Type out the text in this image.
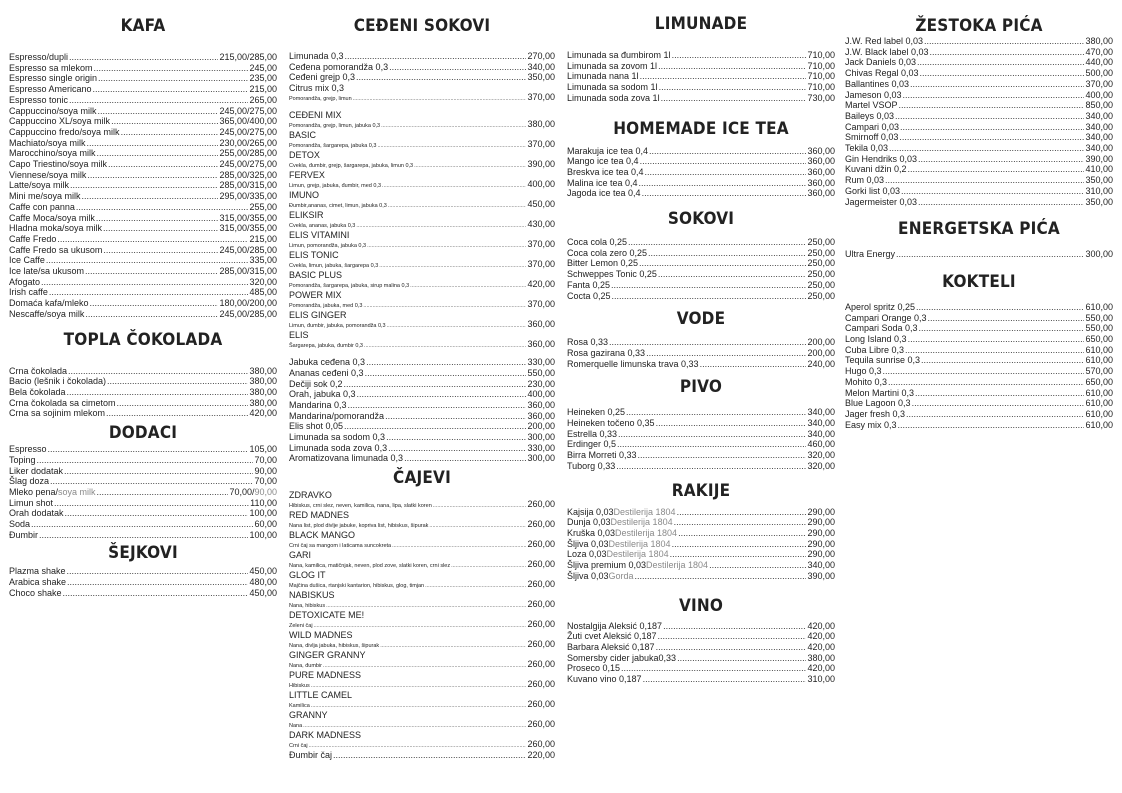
KAFA
Espresso/dupli .....	215,00/285,00
Espresso sa mlekom .....	245,00
Espresso single origin .....	235,00
Espresso Americano .....	215,00
Espresso tonic .....	265,00
Cappuccino/soya milk .....	245,00/275,00
Cappuccino XL/soya milk .....	365,00/400,00
Cappuccino fredo/soya milk .....	245,00/275,00
Machiato/soya milk .....	230,00/265,00
Marocchino/soya milk .....	255,00/285,00
Capo Triestino/soya milk .....	245,00/275,00
Viennese/soya milk .....	285,00/325,00
Latte/soya milk .....	285,00/315,00
Mini me/soya milk .....	295,00/335,00
Caffe con panna .....	255,00
Caffe Moca/soya milk .....	315,00/355,00
Hladna moka/soya milk .....	315,00/355,00
Caffe Fredo .....	215,00
Caffe Fredo sa ukusom .....	245,00/285,00
Ice Caffe .....	335,00
Ice late/sa ukusom .....	285,00/315,00
Afogato .....	320,00
Irish caffe .....	485,00
Domaća kafa/mleko .....	180,00/200,00
Nescaffe/soya milk .....	245,00/285,00
TOPLA ČOKOLADA
Crna čokolada .....	380,00
Bacio (lešnik i čokolada) .....	380,00
Bela čokolada .....	380,00
Crna čokolada sa cimetom .....	380,00
Crna sa sojinim mlekom .....	420,00
DODACI
Espresso .....	105,00
Toping .....	70,00
Liker dodatak .....	90,00
Šlag doza .....	70,00
Mleko pena/ soya milk .....	70,00/90,00
Limun shot .....	110,00
Orah dodatak .....	100,00
Soda .....	60,00
Đumbir .....	100,00
ŠEJKOVI
Plazma shake .....	450,00
Arabica shake .....	480,00
Choco shake .....	450,00
CEĐENI SOKOVI
Limunada 0,3 .....	270,00
Ceđena pomorandža 0,3 .....	340,00
Ceđeni grejp 0,3 .....	350,00
Citrus mix 0,3
Pomorandža, grejp, limun .....	370,00
CEĐENI MIX
Pomorandža, grejp, limun, jabuka 0,3 .....	380,00
BASIC
Pomorandža, šargarepa, jabuka 0,3 .....	370,00
DETOX
Cvekla, đumbir, grejp, šargarepa, jabuka, limun 0,3 .....	390,00
FERVEX
Limun, grejp, jabuka, đumbir, med 0,3 .....	400,00
IMUNO
Đumbir,ananas, cimet, limun, jabuka 0,3 .....	450,00
ELIKSIR
Cvekla, ananas, jabuka 0,3 .....	430,00
ELIS VITAMINI
Limun, pomorandža, jabuka 0,3 .....	370,00
ELIS TONIC
Cvekla, limun, jabuka, šargarepa 0,3 .....	370,00
BASIC PLUS
Pomorandža, šargarepa, jabuka, sirup malina 0,3 .....	420,00
POWER MIX
Pomorandža, jabuka, med 0,3 .....	370,00
ELIS GINGER
Limun, đumbir, jabuka, pomorandža 0,3 .....	360,00
ELIS
Šargarepa, jabuka, đumbir 0,3 .....	360,00
Jabuka ceđena 0,3 .....	330,00
Ananas ceđeni 0,3 .....	550,00
Dečiji sok 0,2 .....	230,00
Orah, jabuka 0,3 .....	400,00
Mandarina 0,3 .....	360,00
Mandarina/pomorandža .....	360,00
Elis shot 0,05 .....	200,00
Limunada sa sodom 0,3 .....	300,00
Limunada soda zova 0,3 .....	330,00
Aromatizovana limunada 0,3 .....	300,00
ČAJEVI
ZDRAVKO
Hibiskus, crni slez, neven, kamilica, nana, lipa, slatki koren .....	260,00
RED MADNES
Nana list, plod divlje jabuke, kopriva list, hibiskus, šipurak .....	260,00
BLACK MANGO
Crni čaj sa mangom i laticama suncokreta .....	260,00
GARI
Nana, kamilica, matičnjak, neven, plod zove, slatki koren, crni slez .....	260,00
GLOG IT
Majčina dušica, rtanjski kantarion, hibiskus, glog, timjan .....	260,00
NABISKUS
Nana, hibiskus .....	260,00
DETOXICATE ME!
Zeleni čaj .....	260,00
WILD MADNES
Nana, divlja jabuka, hibiskus, šipurak .....	260,00
GINGER GRANNY
Nana, đumbir .....	260,00
PURE MADNESS
Hibiskus .....	260,00
LITTLE CAMEL
Kamilica .....	260,00
GRANNY
Nana .....	260,00
DARK MADNESS
Crni čaj .....	260,00
Đumbir čaj .....	220,00
LIMUNADE
Limunada sa đumbirom 1l .....	710,00
Limunada sa zovom 1l .....	710,00
Limunada nana 1l .....	710,00
Limunada sa sodom 1l .....	710,00
Limunada soda zova 1l .....	730,00
HOMEMADE ICE TEA
Marakuja ice tea 0,4 .....	360,00
Mango ice tea 0,4 .....	360,00
Breskva ice tea 0,4 .....	360,00
Malina ice tea 0,4 .....	360,00
Jagoda ice tea 0,4 .....	360,00
SOKOVI
Coca cola 0,25 .....	250,00
Coca cola zero 0,25 .....	250,00
Bitter Lemon 0,25 .....	250,00
Schweppes Tonic 0,25 .....	250,00
Fanta 0,25 .....	250,00
Cocta 0,25 .....	250,00
VODE
Rosa 0,33 .....	200,00
Rosa gazirana 0,33 .....	200,00
Romerquelle limunska trava 0,33 .....	240,00
PIVO
Heineken 0,25 .....	340,00
Heineken točeno 0,35 .....	340,00
Estrella 0,33 .....	340,00
Erdinger 0,5 .....	460,00
Birra Morreti 0,33 .....	320,00
Tuborg 0,33 .....	320,00
RAKIJE
Kajsija 0,03 Destilerija 1804 .....	290,00
Dunja 0,03 Destilerija 1804 .....	290,00
Kruška 0,03 Destilerija 1804 .....	290,00
Šljiva 0,03 Destilerija 1804 .....	290,00
Loza 0,03 Destilerija 1804 .....	290,00
Šljiva premium 0,03 Destilerija 1804 .....	340,00
Šljiva 0,03 Gorda .....	390,00
VINO
Nostalgija Aleksić 0,187 .....	420,00
Žuti cvet Aleksić 0,187 .....	420,00
Barbara Aleksić 0,187 .....	420,00
Somersby cider jabuka0,33 .....	380,00
Proseco 0,15 .....	420,00
Kuvano vino 0,187 .....	310,00
ŽESTOKA PIĆA
J.W. Red label 0,03 .....	380,00
J.W. Black label 0,03 .....	470,00
Jack Daniels 0,03 .....	440,00
Chivas Regal 0,03 .....	500,00
Ballantines 0,03 .....	370,00
Jameson 0,03 .....	400,00
Martel VSOP .....	850,00
Baileys 0,03 .....	340,00
Campari 0,03 .....	340,00
Smirnoff 0,03 .....	340,00
Tekila 0,03 .....	340,00
Gin Hendriks 0,03 .....	390,00
Kuvani džin 0,2 .....	410,00
Rum 0,03 .....	350,00
Gorki list 0,03 .....	310,00
Jagermeister 0,03 .....	350,00
ENERGETSKA PIĆA
Ultra Energy .....	300,00
KOKTELI
Aperol spritz 0,25 .....	610,00
Campari Orange 0,3 .....	550,00
Campari Soda 0,3 .....	550,00
Long Island 0,3 .....	650,00
Cuba Libre 0,3 .....	610,00
Tequila sunrise 0,3 .....	610,00
Hugo 0,3 .....	570,00
Mohito 0,3 .....	650,00
Melon Martini 0,3 .....	610,00
Blue Lagoon 0,3 .....	610,00
Jager fresh 0,3 .....	610,00
Easy mix 0,3 .....	610,00
